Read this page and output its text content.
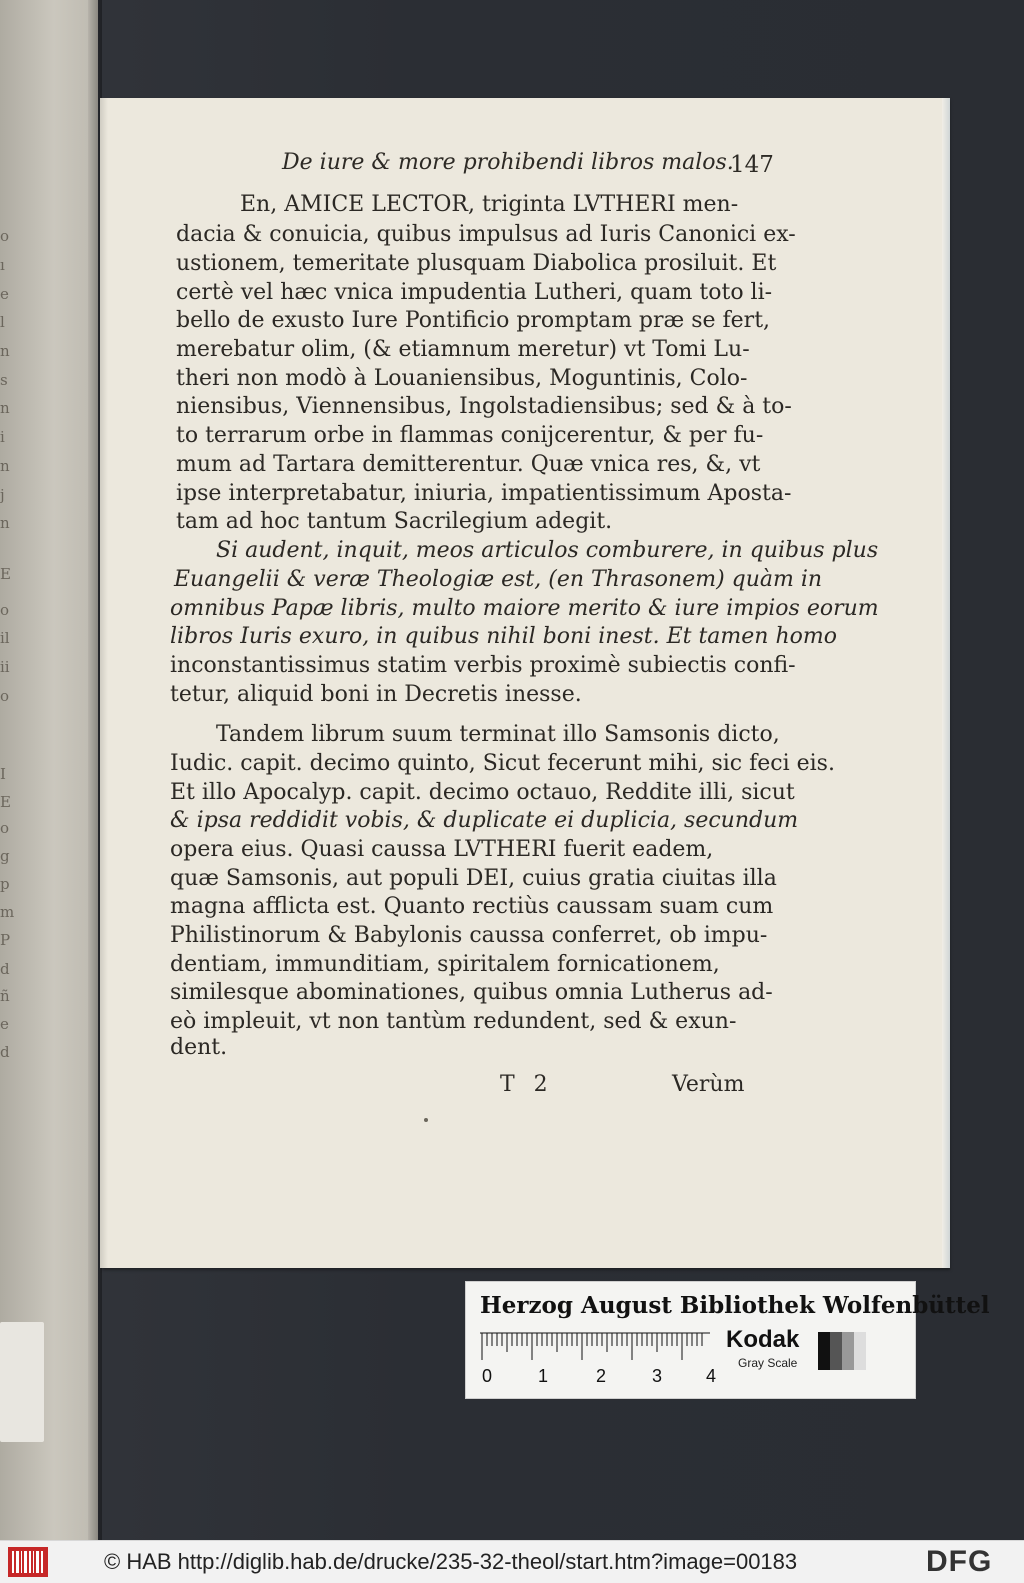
o
ı
e
l
n
s
n
i
n
j
n
E
o
il
ii
o
I
E
o
g
p
m
P
d
ñ
e
d
De iure & more prohibendi libros malos.
147
En, AMICE LECTOR, triginta LVTHERI men-
dacia & conuicia, quibus impulsus ad Iuris Canonici ex-
ustionem, temeritate plusquam Diabolica prosiluit. Et
certè vel hæc vnica impudentia Lutheri, quam toto li-
bello de exusto Iure Pontificio promptam præ se fert,
merebatur olim, (& etiamnum meretur) vt Tomi Lu-
theri non modò à Louaniensibus, Moguntinis, Colo-
niensibus, Viennensibus, Ingolstadiensibus; sed & à to-
to terrarum orbe in flammas conijcerentur, & per fu-
mum ad Tartara demitterentur. Quæ vnica res, &, vt
ipse interpretabatur, iniuria, impatientissimum Aposta-
tam ad hoc tantum Sacrilegium adegit.
Si audent, inquit, meos articulos comburere, in quibus plus
Euangelii & veræ Theologiæ est, (en Thrasonem) quàm in
omnibus Papæ libris, multo maiore merito & iure impios eorum
libros Iuris exuro, in quibus nihil boni inest. Et tamen homo
inconstantissimus statim verbis proximè subiectis confi-
tetur, aliquid boni in Decretis inesse.
Tandem librum suum terminat illo Samsonis dicto,
Iudic. capit. decimo quinto, Sicut fecerunt mihi, sic feci eis.
Et illo Apocalyp. capit. decimo octauo, Reddite illi, sicut
& ipsa reddidit vobis, & duplicate ei duplicia, secundum
opera eius. Quasi caussa LVTHERI fuerit eadem,
quæ Samsonis, aut populi DEI, cuius gratia ciuitas illa
magna afflicta est. Quanto rectiùs caussam suam cum
Philistinorum & Babylonis caussa conferret, ob impu-
dentiam, immunditiam, spiritalem fornicationem,
similesque abominationes, quibus omnia Lutherus ad-
eò impleuit, vt non tantùm redundent, sed & exun-
dent.
T 2	Verùm
Herzog August Bibliothek Wolfenbüttel
0	1	2	3 4
Kodak
Gray Scale
© HAB http://diglib.hab.de/drucke/235-32-theol/start.htm?image=00183	DFG
